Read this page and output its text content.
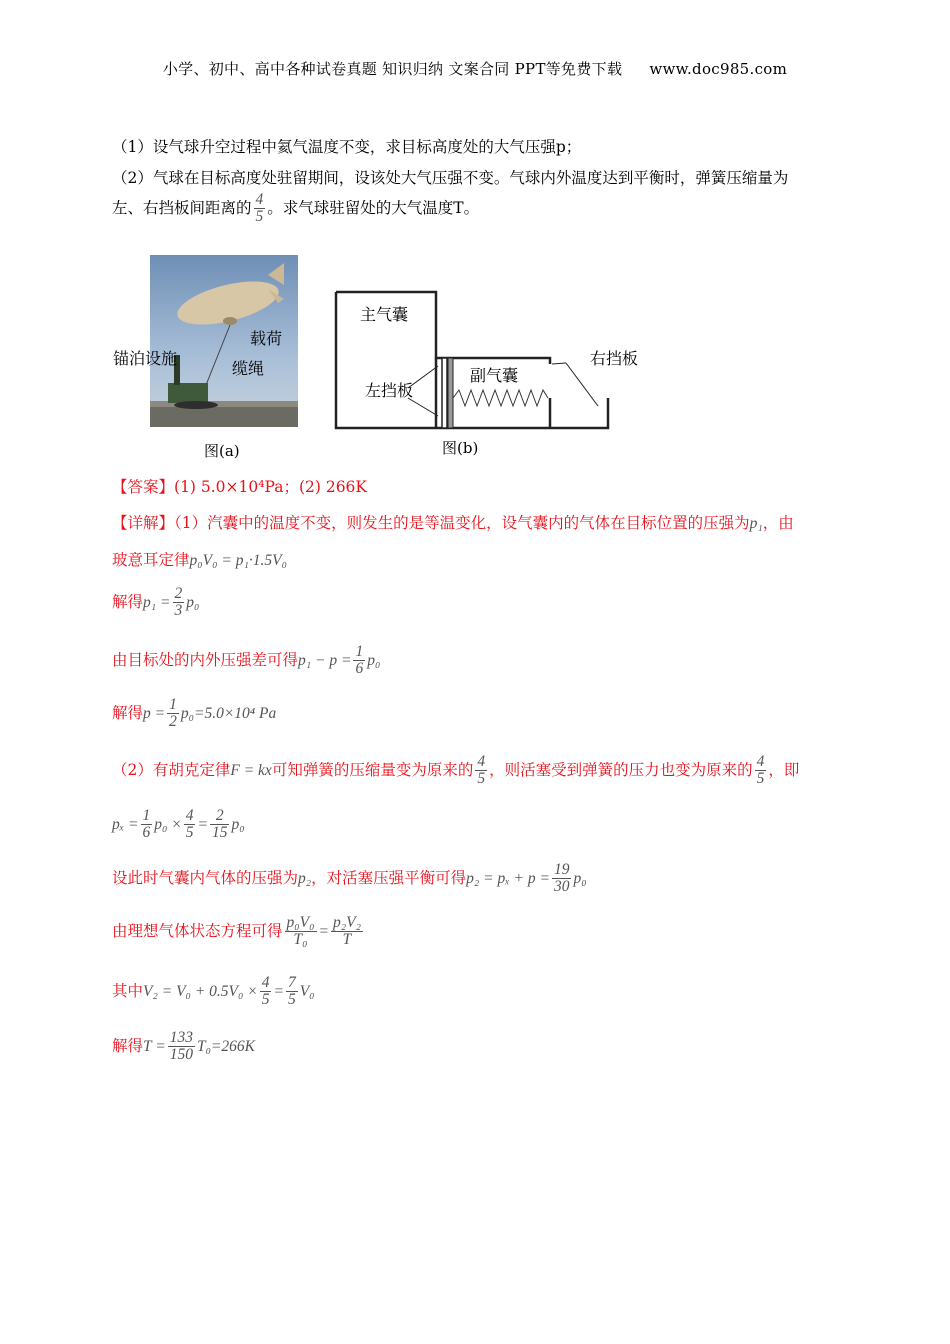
小学、初中、高中各种试卷真题 知识归纳 文案合同 PPT等免费下载 www.doc985.com
（1）设气球升空过程中氦气温度不变，求目标高度处的大气压强p；
（2）气球在目标高度处驻留期间，设该处大气压强不变。气球内外温度达到平衡时，弹簧压缩量为
左、右挡板间距离的 $\frac{4}{5}$ 。求气球驻留处的大气温度T。
载荷
锚泊设施
缆绳
图(a)
主气囊
副气囊
左挡板
右挡板
图(b)
【答案】(1) 5.0×10⁴Pa；(2) 266K
【详解】（1）汽囊中的温度不变，则发生的是等温变化，设气囊内的气体在目标位置的压强为p₁，由
玻意耳定律p₀V₀ = p₁·1.5V₀
解得$p_1 = \frac{2}{3} p_0$
由目标处的内外压强差可得$p_1 - p = \frac{1}{6} p_0$
解得$p = \frac{1}{2} p_0=5.0\times 10^4$ Pa
（2）有胡克定律F = kx可知弹簧的压缩量变为原来的 $\frac{4}{5}$ ，则活塞受到弹簧的压力也变为原来的 $\frac{4}{5}$ ，即
$p_x = \frac{1}{6} p_0 \times \frac{4}{5} = \frac{2}{15} p_0$
设此时气囊内气体的压强为p₂，对活塞压强平衡可得$p_2 = p_x + p = \frac{19}{30} p_0$
由理想气体状态方程可得 $\frac{\text{p₀V₀}}{\text{T₀}} = \frac{\text{p₂V₂}}{T}$
其中$V_2 = V_0 + 0.5V_0 \times \frac{4}{5} = \frac{7}{5} V_0$
解得$T = \frac{133}{150} T_0=266K$
